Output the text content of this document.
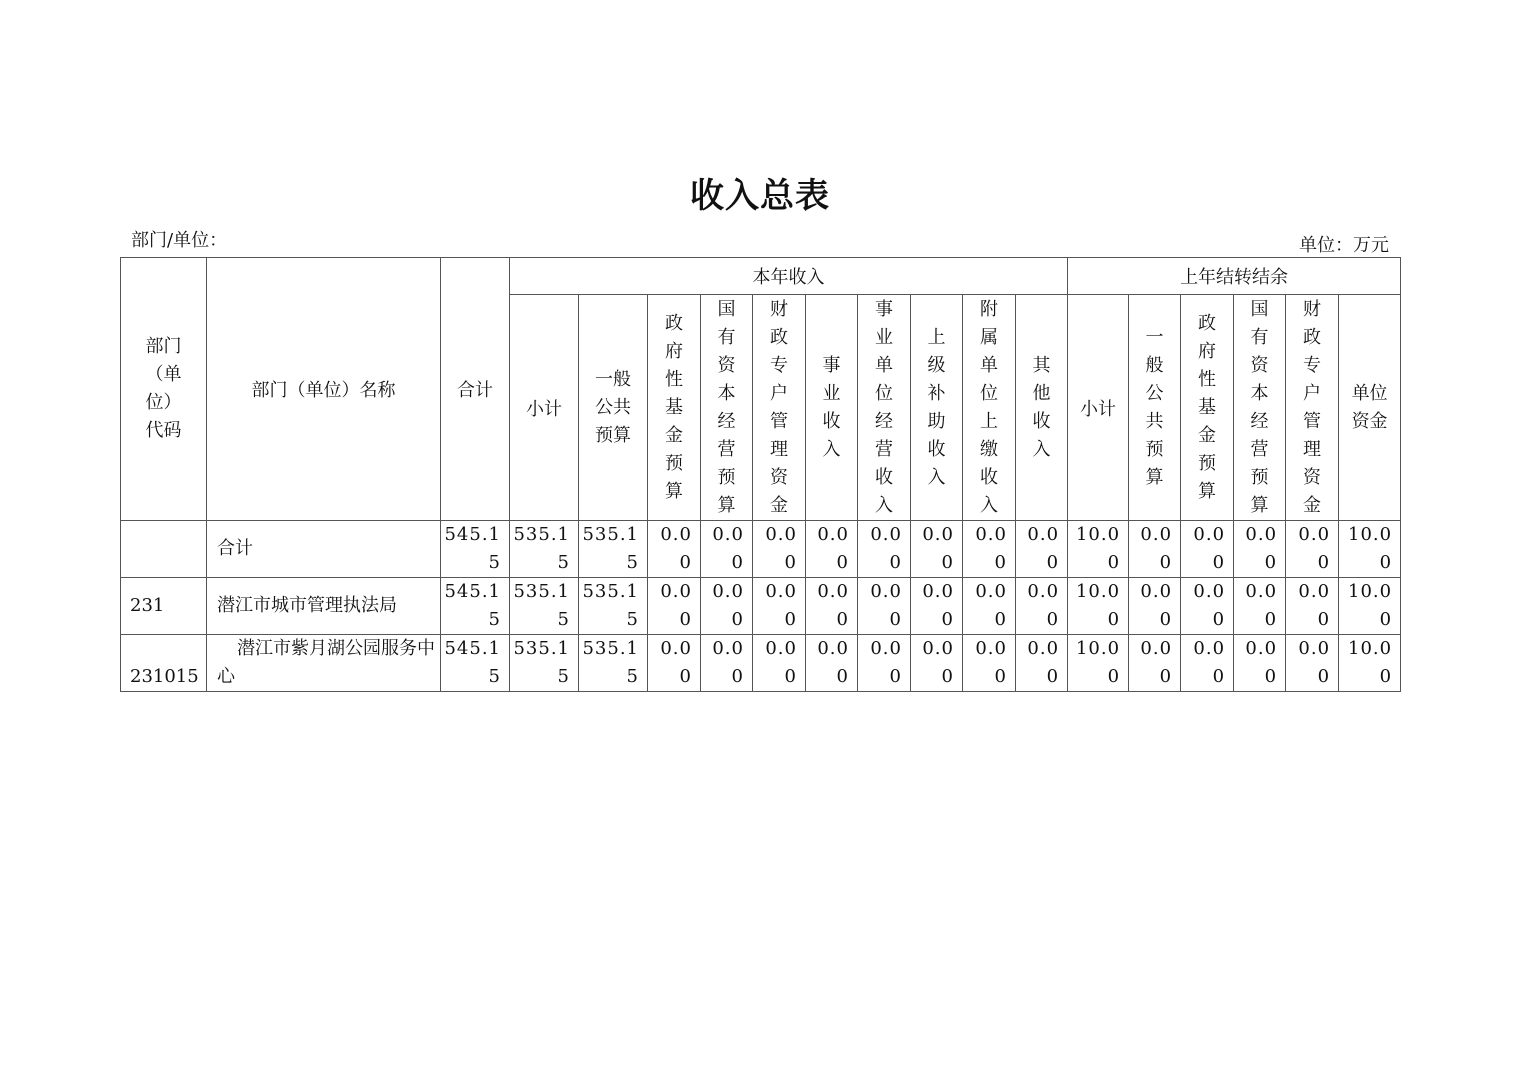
收入总表
部门/单位：	单位：万元
部门（单位）代码	部门（单位）名称	合计	本年收入										上年结转结余					
			小计	一般公共预算	政府性基金预算	国有资本经营预算	财政专户管理资金	事业收入	事业单位经营收入	上级补助收入	附属单位上缴收入	其他收入	小计	一般公共预算	政府性基金预算	国有资本经营预算	财政专户管理资金	单位资金
	合计	545.15	535.15	535.15	0.00	0.00	0.00	0.00	0.00	0.00	0.00	0.00	10.00	0.00	0.00	0.00	0.00	10.00
231	潜江市城市管理执法局	545.15	535.15	535.15	0.00	0.00	0.00	0.00	0.00	0.00	0.00	0.00	10.00	0.00	0.00	0.00	0.00	10.00
231015	潜江市紫月湖公园服务中心	545.15	535.15	535.15	0.00	0.00	0.00	0.00	0.00	0.00	0.00	0.00	10.00	0.00	0.00	0.00	0.00	10.00
